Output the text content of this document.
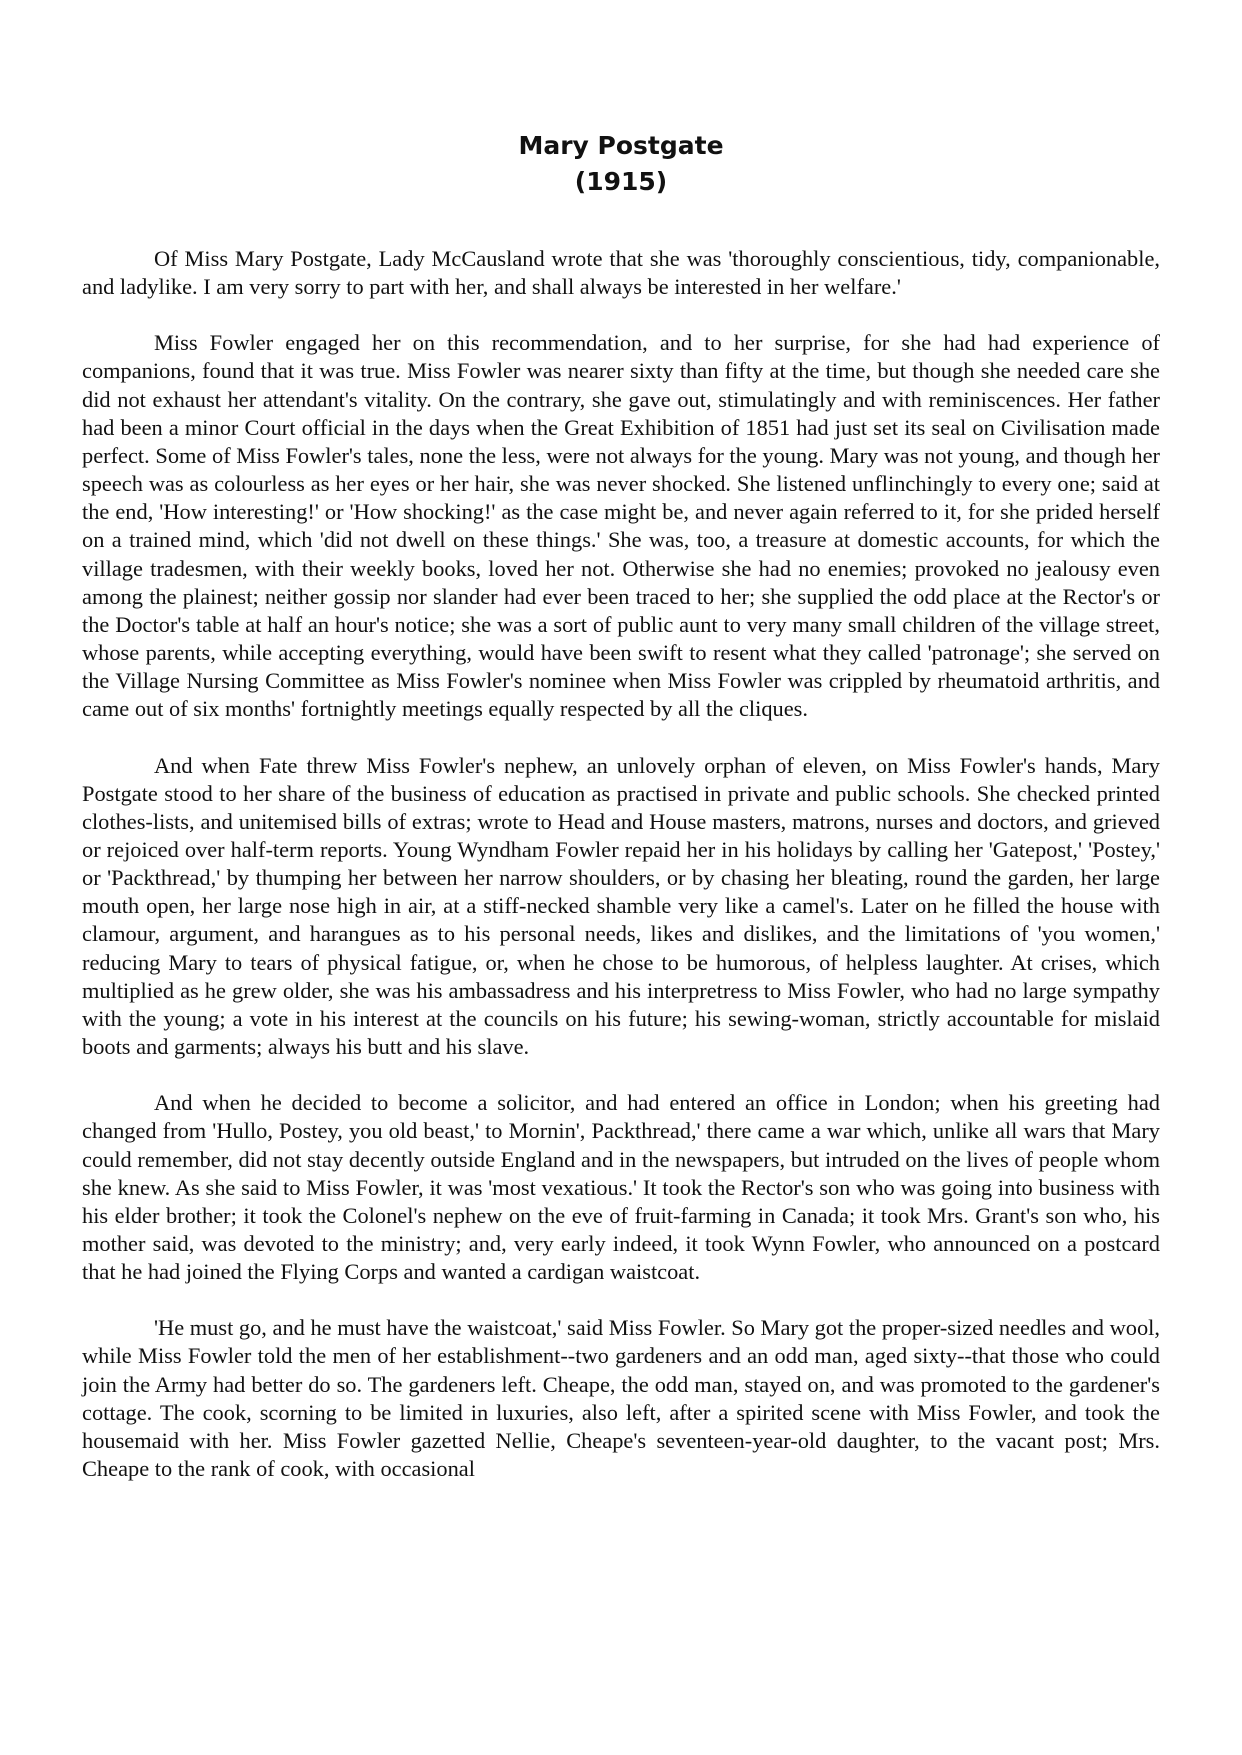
Mary Postgate
(1915)

Of Miss Mary Postgate, Lady McCausland wrote that she was 'thoroughly conscientious, tidy, companionable, and ladylike. I am very sorry to part with her, and shall always be interested in her welfare.'

Miss Fowler engaged her on this recommendation, and to her surprise, for she had had experience of companions, found that it was true. Miss Fowler was nearer sixty than fifty at the time, but though she needed care she did not exhaust her attendant's vitality. On the contrary, she gave out, stimulatingly and with reminiscences. Her father had been a minor Court official in the days when the Great Exhibition of 1851 had just set its seal on Civilisation made perfect. Some of Miss Fowler's tales, none the less, were not always for the young. Mary was not young, and though her speech was as colourless as her eyes or her hair, she was never shocked. She listened unflinchingly to every one; said at the end, 'How interesting!' or 'How shocking!' as the case might be, and never again referred to it, for she prided herself on a trained mind, which 'did not dwell on these things.' She was, too, a treasure at domestic accounts, for which the village tradesmen, with their weekly books, loved her not. Otherwise she had no enemies; provoked no jealousy even among the plainest; neither gossip nor slander had ever been traced to her; she supplied the odd place at the Rector's or the Doctor's table at half an hour's notice; she was a sort of public aunt to very many small children of the village street, whose parents, while accepting everything, would have been swift to resent what they called 'patronage'; she served on the Village Nursing Committee as Miss Fowler's nominee when Miss Fowler was crippled by rheumatoid arthritis, and came out of six months' fortnightly meetings equally respected by all the cliques.

And when Fate threw Miss Fowler's nephew, an unlovely orphan of eleven, on Miss Fowler's hands, Mary Postgate stood to her share of the business of education as practised in private and public schools. She checked printed clothes-lists, and unitemised bills of extras; wrote to Head and House masters, matrons, nurses and doctors, and grieved or rejoiced over half-term reports. Young Wyndham Fowler repaid her in his holidays by calling her 'Gatepost,' 'Postey,' or 'Packthread,' by thumping her between her narrow shoulders, or by chasing her bleating, round the garden, her large mouth open, her large nose high in air, at a stiff-necked shamble very like a camel's. Later on he filled the house with clamour, argument, and harangues as to his personal needs, likes and dislikes, and the limitations of 'you women,' reducing Mary to tears of physical fatigue, or, when he chose to be humorous, of helpless laughter. At crises, which multiplied as he grew older, she was his ambassadress and his interpretress to Miss Fowler, who had no large sympathy with the young; a vote in his interest at the councils on his future; his sewing-woman, strictly accountable for mislaid boots and garments; always his butt and his slave.

And when he decided to become a solicitor, and had entered an office in London; when his greeting had changed from 'Hullo, Postey, you old beast,' to Mornin', Packthread,' there came a war which, unlike all wars that Mary could remember, did not stay decently outside England and in the newspapers, but intruded on the lives of people whom she knew. As she said to Miss Fowler, it was 'most vexatious.' It took the Rector's son who was going into business with his elder brother; it took the Colonel's nephew on the eve of fruit-farming in Canada; it took Mrs. Grant's son who, his mother said, was devoted to the ministry; and, very early indeed, it took Wynn Fowler, who announced on a postcard that he had joined the Flying Corps and wanted a cardigan waistcoat.

'He must go, and he must have the waistcoat,' said Miss Fowler. So Mary got the proper-sized needles and wool, while Miss Fowler told the men of her establishment--two gardeners and an odd man, aged sixty--that those who could join the Army had better do so. The gardeners left. Cheape, the odd man, stayed on, and was promoted to the gardener's cottage. The cook, scorning to be limited in luxuries, also left, after a spirited scene with Miss Fowler, and took the housemaid with her. Miss Fowler gazetted Nellie, Cheape's seventeen-year-old daughter, to the vacant post; Mrs. Cheape to the rank of cook, with occasional
